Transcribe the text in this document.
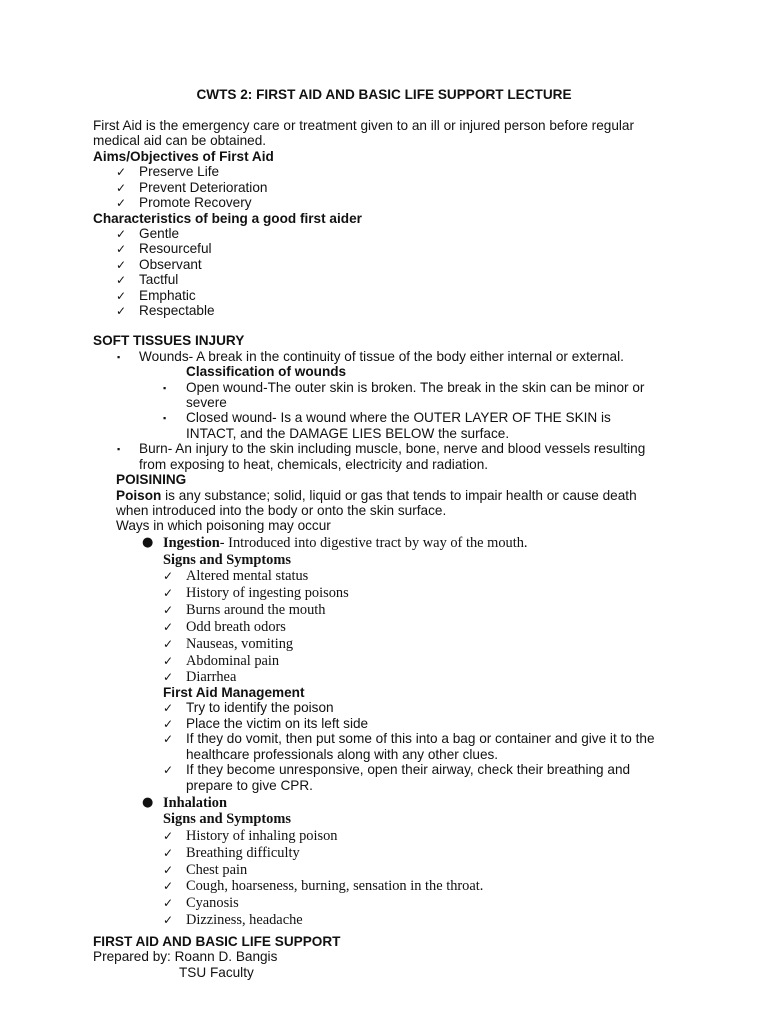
CWTS 2: FIRST AID AND BASIC LIFE SUPPORT LECTURE
First Aid is the emergency care or treatment given to an ill or injured person before regular
medical aid can be obtained.
Aims/Objectives of First Aid
✓ Preserve Life
✓ Prevent Deterioration
✓ Promote Recovery
Characteristics of being a good first aider
✓ Gentle
✓ Resourceful
✓ Observant
✓ Tactful
✓ Emphatic
✓ Respectable
SOFT TISSUES INJURY
▪ Wounds- A break in the continuity of tissue of the body either internal or external.
Classification of wounds
▪ Open wound-The outer skin is broken. The break in the skin can be minor or
severe
▪ Closed wound- Is a wound where the OUTER LAYER OF THE SKIN is
INTACT, and the DAMAGE LIES BELOW the surface.
▪ Burn- An injury to the skin including muscle, bone, nerve and blood vessels resulting
from exposing to heat, chemicals, electricity and radiation.
POISINING
Poison is any substance; solid, liquid or gas that tends to impair health or cause death
when introduced into the body or onto the skin surface.
Ways in which poisoning may occur
● Ingestion- Introduced into digestive tract by way of the mouth.
Signs and Symptoms
✓ Altered mental status
✓ History of ingesting poisons
✓ Burns around the mouth
✓ Odd breath odors
✓ Nauseas, vomiting
✓ Abdominal pain
✓ Diarrhea
First Aid Management
✓ Try to identify the poison
✓ Place the victim on its left side
✓ If they do vomit, then put some of this into a bag or container and give it to the
healthcare professionals along with any other clues.
✓ If they become unresponsive, open their airway, check their breathing and
prepare to give CPR.
● Inhalation
Signs and Symptoms
✓ History of inhaling poison
✓ Breathing difficulty
✓ Chest pain
✓ Cough, hoarseness, burning, sensation in the throat.
✓ Cyanosis
✓ Dizziness, headache
FIRST AID AND BASIC LIFE SUPPORT
Prepared by: Roann D. Bangis
TSU Faculty
